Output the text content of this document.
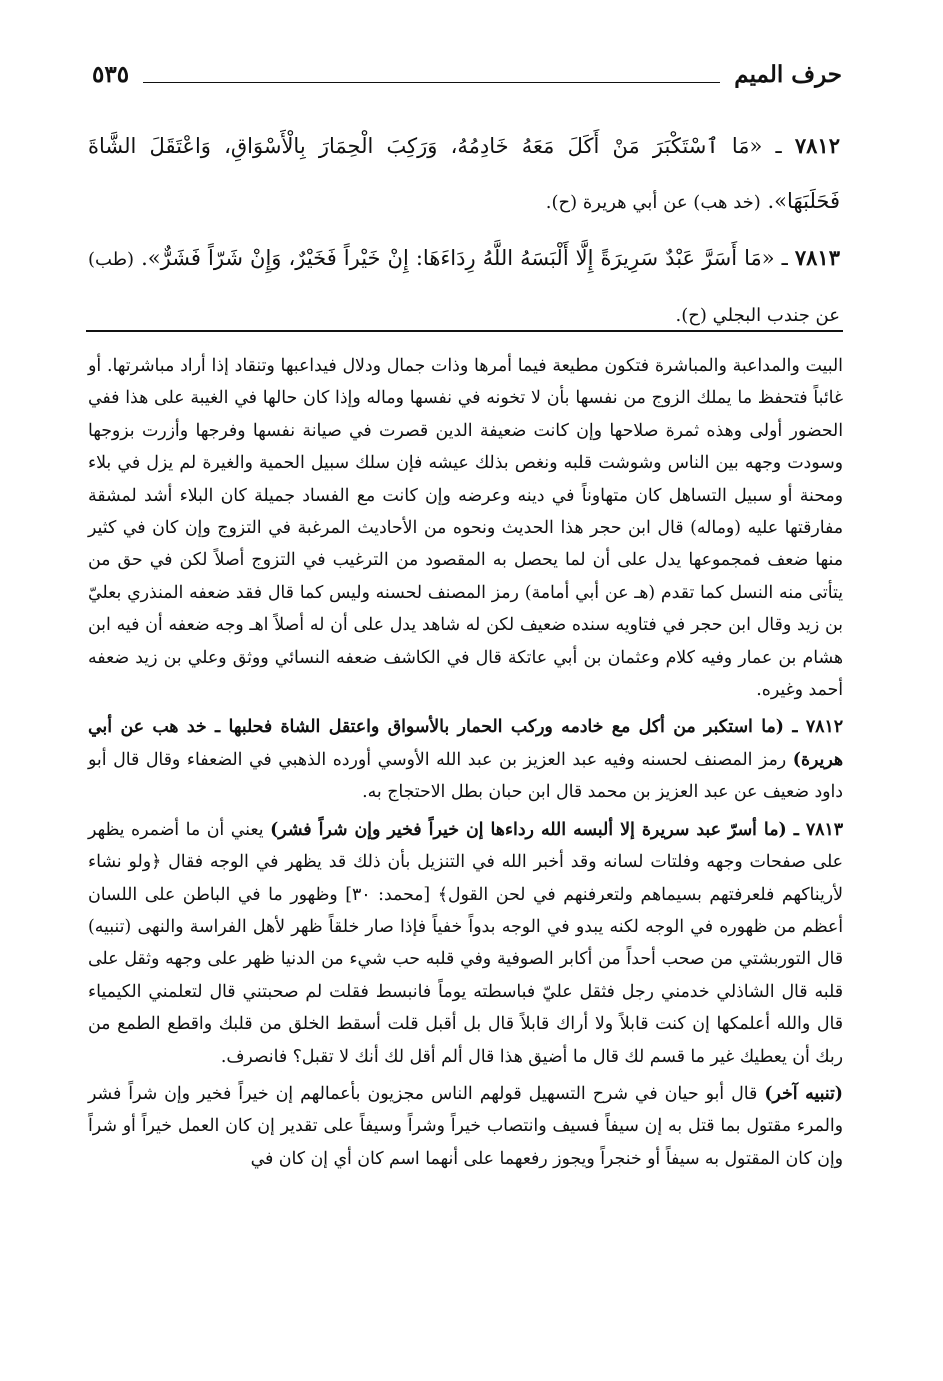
حرف الميم
٥٣٥

٧٨١٢ ـ «مَا ٱسْتَكْبَرَ مَنْ أَكَلَ مَعَهُ خَادِمُهُ، وَرَكِبَ الْحِمَارَ بِالْأَسْوَاقِ، وَاعْتَقَلَ الشَّاةَ فَحَلَبَهَا». (خد هب) عن أبي هريرة (ح).

٧٨١٣ ـ «مَا أَسَرَّ عَبْدٌ سَرِيرَةً إِلَّا أَلْبَسَهُ اللَّهُ رِدَاءَهَا: إِنْ خَيْراً فَخَيْرٌ، وَإِنْ شَرّاً فَشَرٌّ». (طب) عن جندب البجلي (ح).

البيت والمداعبة والمباشرة فتكون مطيعة فيما أمرها وذات جمال ودلال فيداعبها وتنقاد إذا أراد مباشرتها. أو غائباً فتحفظ ما يملك الزوج من نفسها بأن لا تخونه في نفسها وماله وإذا كان حالها في الغيبة على هذا ففي الحضور أولى وهذه ثمرة صلاحها وإن كانت ضعيفة الدين قصرت في صيانة نفسها وفرجها وأزرت بزوجها وسودت وجهه بين الناس وشوشت قلبه ونغص بذلك عيشه فإن سلك سبيل الحمية والغيرة لم يزل في بلاء ومحنة أو سبيل التساهل كان متهاوناً في دينه وعرضه وإن كانت مع الفساد جميلة كان البلاء أشد لمشقة مفارقتها عليه (وماله) قال ابن حجر هذا الحديث ونحوه من الأحاديث المرغبة في التزوج وإن كان في كثير منها ضعف فمجموعها يدل على أن لما يحصل به المقصود من الترغيب في التزوج أصلاً لكن في حق من يتأتى منه النسل كما تقدم (هـ عن أبي أمامة) رمز المصنف لحسنه وليس كما قال فقد ضعفه المنذري بعليّ بن زيد وقال ابن حجر في فتاويه سنده ضعيف لكن له شاهد يدل على أن له أصلاً اهـ وجه ضعفه أن فيه ابن هشام بن عمار وفيه كلام وعثمان بن أبي عاتكة قال في الكاشف ضعفه النسائي ووثق وعلي بن زيد ضعفه أحمد وغيره.

٧٨١٢ ـ (ما استكبر من أكل مع خادمه وركب الحمار بالأسواق واعتقل الشاة فحلبها ـ خد هب عن أبي هريرة) رمز المصنف لحسنه وفيه عبد العزيز بن عبد الله الأوسي أورده الذهبي في الضعفاء وقال قال أبو داود ضعيف عن عبد العزيز بن محمد قال ابن حبان بطل الاحتجاج به.

٧٨١٣ ـ (ما أسرّ عبد سريرة إلا ألبسه الله رداءها إن خيراً فخير وإن شراً فشر) يعني أن ما أضمره يظهر على صفحات وجهه وفلتات لسانه وقد أخبر الله في التنزيل بأن ذلك قد يظهر في الوجه فقال ﴿ولو نشاء لأريناكهم فلعرفتهم بسيماهم ولتعرفنهم في لحن القول﴾ [محمد: ٣٠] وظهور ما في الباطن على اللسان أعظم من ظهوره في الوجه لكنه يبدو في الوجه بدواً خفياً فإذا صار خلقاً ظهر لأهل الفراسة والنهى (تنبيه) قال التوربشتي من صحب أحداً من أكابر الصوفية وفي قلبه حب شيء من الدنيا ظهر على وجهه وثقل على قلبه قال الشاذلي خدمني رجل فثقل عليّ فباسطته يوماً فانبسط فقلت لم صحبتني قال لتعلمني الكيمياء قال والله أعلمكها إن كنت قابلاً ولا أراك قابلاً قال بل أقبل قلت أسقط الخلق من قلبك واقطع الطمع من ربك أن يعطيك غير ما قسم لك قال ما أضيق هذا قال ألم أقل لك أنك لا تقبل؟ فانصرف.

(تنبيه آخر) قال أبو حيان في شرح التسهيل قولهم الناس مجزيون بأعمالهم إن خيراً فخير وإن شراً فشر والمرء مقتول بما قتل به إن سيفاً فسيف وانتصاب خيراً وشراً وسيفاً على تقدير إن كان العمل خيراً أو شراً وإن كان المقتول به سيفاً أو خنجراً ويجوز رفعهما على أنهما اسم كان أي إن كان في
